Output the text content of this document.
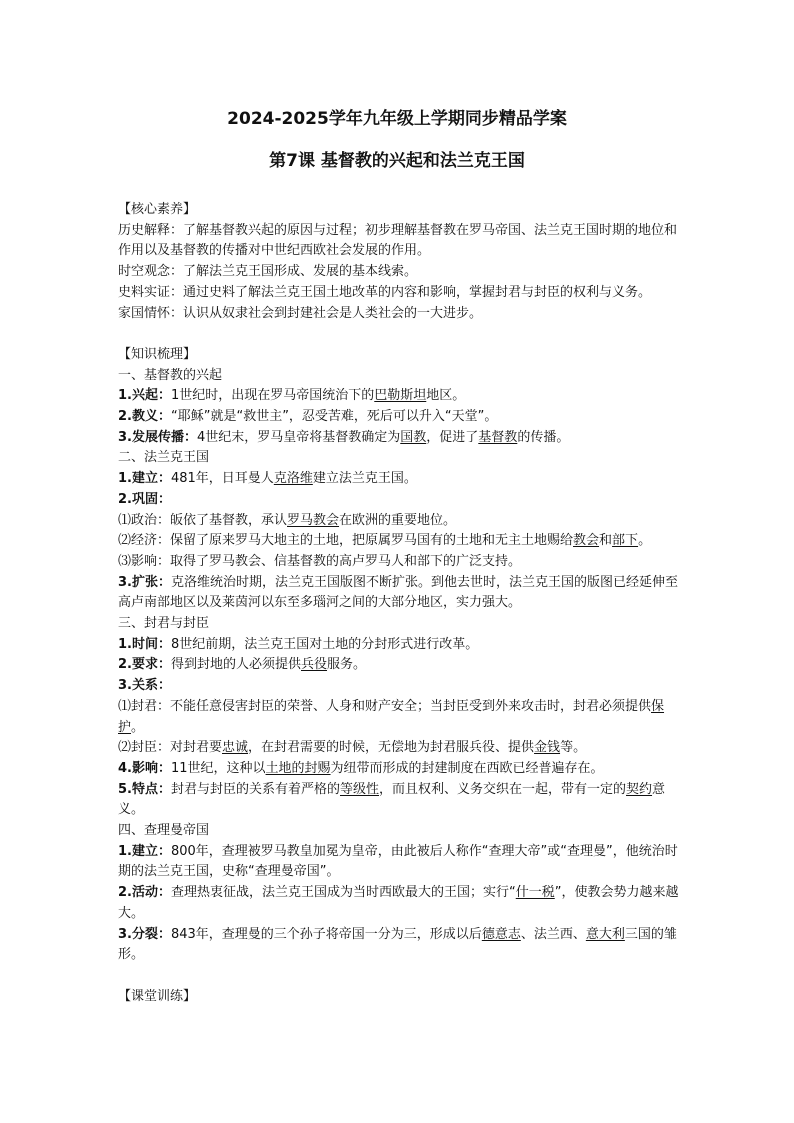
2024-2025学年九年级上学期同步精品学案
第7课 基督教的兴起和法兰克王国
【核心素养】
历史解释：了解基督教兴起的原因与过程；初步理解基督教在罗马帝国、法兰克王国时期的地位和作用以及基督教的传播对中世纪西欧社会发展的作用。
时空观念：了解法兰克王国形成、发展的基本线索。
史料实证：通过史料了解法兰克王国土地改革的内容和影响，掌握封君与封臣的权利与义务。
家国情怀：认识从奴隶社会到封建社会是人类社会的一大进步。
【知识梳理】
一、基督教的兴起
1.兴起：1世纪时，出现在罗马帝国统治下的巴勒斯坦地区。
2.教义：“耶稣”就是“救世主”，忍受苦难，死后可以升入“天堂”。
3.发展传播：4世纪末，罗马皇帝将基督教确定为国教，促进了基督教的传播。
二、法兰克王国
1.建立：481年，日耳曼人克洛维建立法兰克王国。
2.巩固：
⑴政治：皈依了基督教，承认罗马教会在欧洲的重要地位。
⑵经济：保留了原来罗马大地主的土地，把原属罗马国有的土地和无主土地赐给教会和部下。
⑶影响：取得了罗马教会、信基督教的高卢罗马人和部下的广泛支持。
3.扩张：克洛维统治时期，法兰克王国版图不断扩张。到他去世时，法兰克王国的版图已经延伸至高卢南部地区以及莱茵河以东至多瑙河之间的大部分地区，实力强大。
三、封君与封臣
1.时间：8世纪前期，法兰克王国对土地的分封形式进行改革。
2.要求：得到封地的人必须提供兵役服务。
3.关系：
⑴封君：不能任意侵害封臣的荣誉、人身和财产安全；当封臣受到外来攻击时，封君必须提供保护。
⑵封臣：对封君要忠诚，在封君需要的时候，无偿地为封君服兵役、提供金钱等。
4.影响：11世纪，这种以土地的封赐为纽带而形成的封建制度在西欧已经普遍存在。
5.特点：封君与封臣的关系有着严格的等级性，而且权利、义务交织在一起，带有一定的契约意义。
四、查理曼帝国
1.建立：800年，查理被罗马教皇加冕为皇帝，由此被后人称作“查理大帝”或“查理曼”，他统治时期的法兰克王国，史称“查理曼帝国”。
2.活动：查理热衷征战，法兰克王国成为当时西欧最大的王国；实行“什一税”，使教会势力越来越大。
3.分裂：843年，查理曼的三个孙子将帝国一分为三，形成以后德意志、法兰西、意大利三国的雏形。
【课堂训练】
